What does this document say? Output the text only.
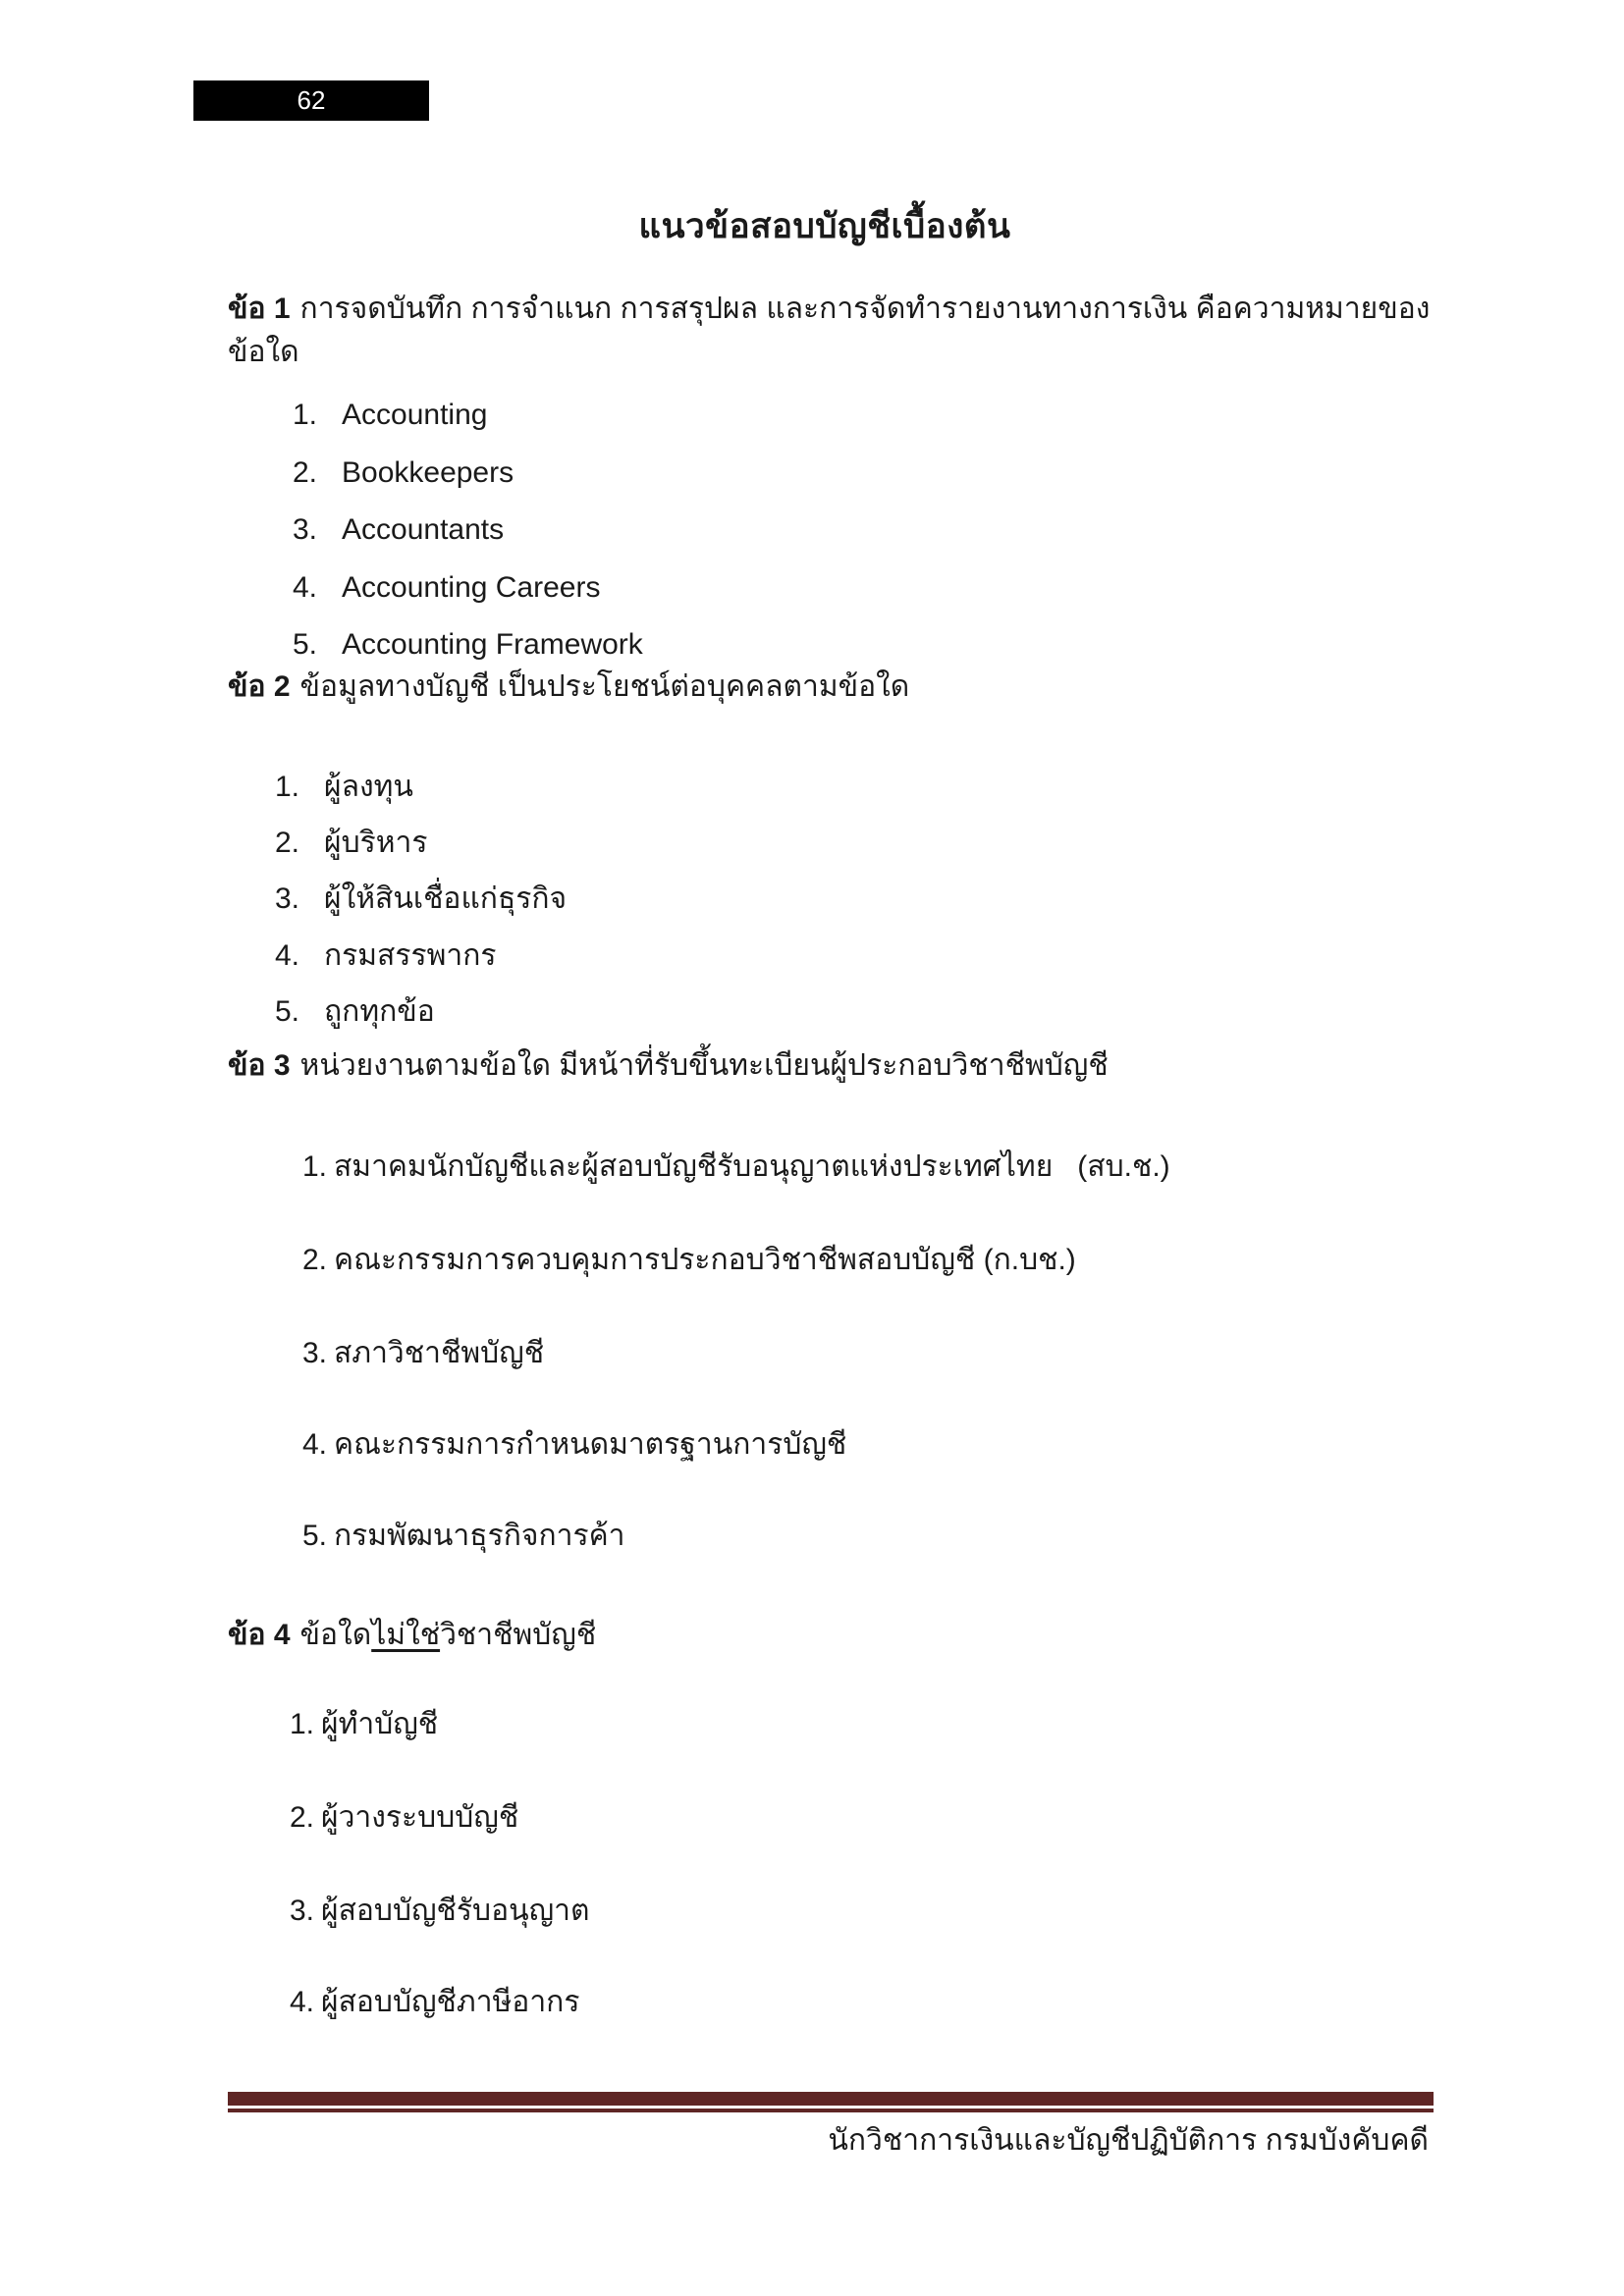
62
แนวข้อสอบบัญชีเบื้องต้น
ข้อ 1 การจดบันทึก การจำแนก การสรุปผล และการจัดทำรายงานทางการเงิน คือความหมายของข้อใด
1. Accounting
2. Bookkeepers
3. Accountants
4. Accounting Careers
5. Accounting Framework
ข้อ 2 ข้อมูลทางบัญชี เป็นประโยชน์ต่อบุคคลตามข้อใด
1. ผู้ลงทุน
2. ผู้บริหาร
3. ผู้ให้สินเชื่อแก่ธุรกิจ
4. กรมสรรพากร
5. ถูกทุกข้อ
ข้อ 3 หน่วยงานตามข้อใด มีหน้าที่รับขึ้นทะเบียนผู้ประกอบวิชาชีพบัญชี
1. สมาคมนักบัญชีและผู้สอบบัญชีรับอนุญาตแห่งประเทศไทย   (สบ.ช.)
2. คณะกรรมการควบคุมการประกอบวิชาชีพสอบบัญชี (ก.บช.)
3. สภาวิชาชีพบัญชี
4. คณะกรรมการกำหนดมาตรฐานการบัญชี
5. กรมพัฒนาธุรกิจการค้า
ข้อ 4 ข้อใดไม่ใช่วิชาชีพบัญชี
1. ผู้ทำบัญชี
2. ผู้วางระบบบัญชี
3. ผู้สอบบัญชีรับอนุญาต
4. ผู้สอบบัญชีภาษีอากร
นักวิชาการเงินและบัญชีปฏิบัติการ กรมบังคับคดี
